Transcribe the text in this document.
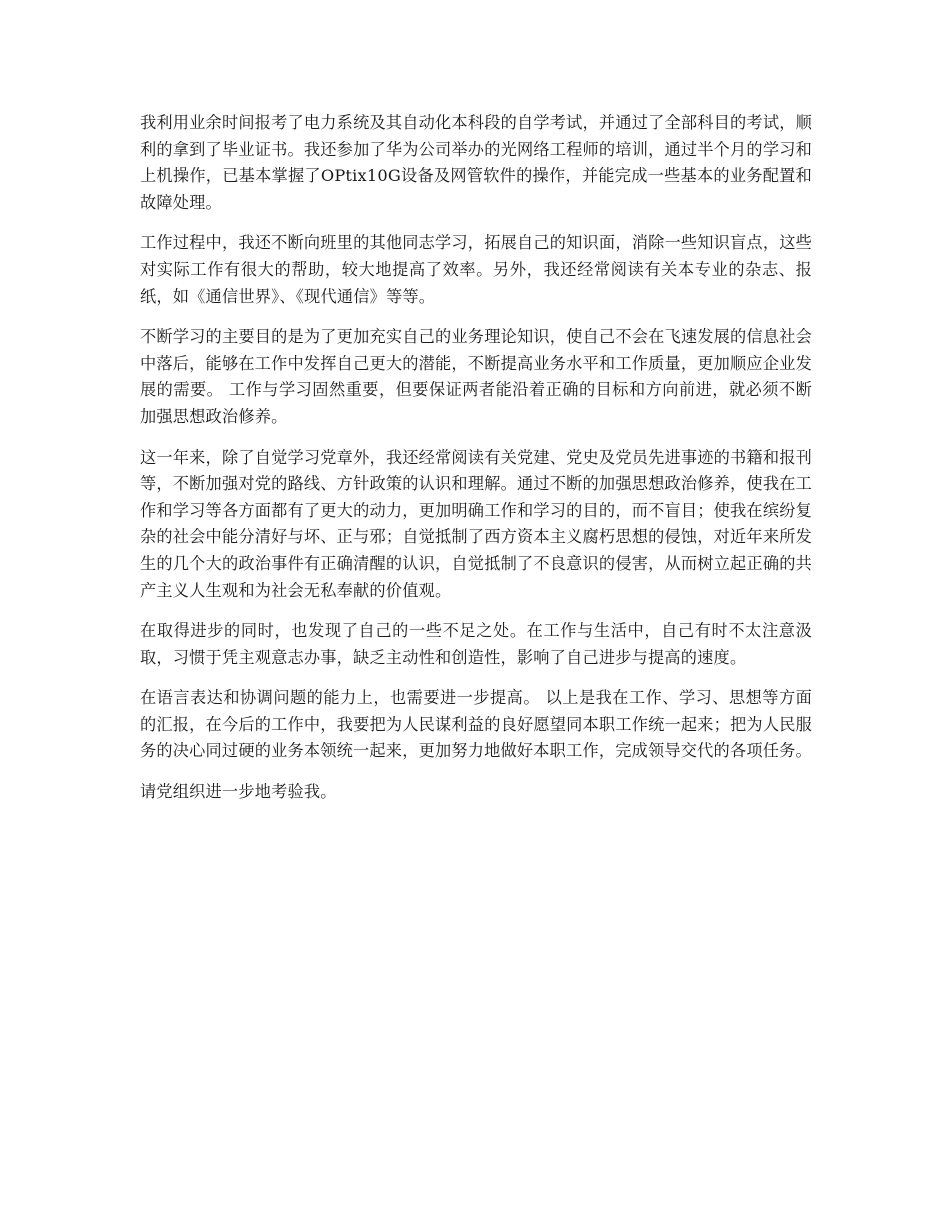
我利用业余时间报考了电力系统及其自动化本科段的自学考试，并通过了全部科目的考试，顺利的拿到了毕业证书。我还参加了华为公司举办的光网络工程师的培训，通过半个月的学习和上机操作，已基本掌握了OPtix10G设备及网管软件的操作，并能完成一些基本的业务配置和故障处理。

工作过程中，我还不断向班里的其他同志学习，拓展自己的知识面，消除一些知识盲点，这些对实际工作有很大的帮助，较大地提高了效率。另外，我还经常阅读有关本专业的杂志、报纸，如《通信世界》、《现代通信》等等。

不断学习的主要目的是为了更加充实自己的业务理论知识，使自己不会在飞速发展的信息社会中落后，能够在工作中发挥自己更大的潜能，不断提高业务水平和工作质量，更加顺应企业发展的需要。 工作与学习固然重要，但要保证两者能沿着正确的目标和方向前进，就必须不断加强思想政治修养。

这一年来，除了自觉学习党章外，我还经常阅读有关党建、党史及党员先进事迹的书籍和报刊等，不断加强对党的路线、方针政策的认识和理解。通过不断的加强思想政治修养，使我在工作和学习等各方面都有了更大的动力，更加明确工作和学习的目的，而不盲目；使我在缤纷复杂的社会中能分清好与坏、正与邪；自觉抵制了西方资本主义腐朽思想的侵蚀，对近年来所发生的几个大的政治事件有正确清醒的认识，自觉抵制了不良意识的侵害，从而树立起正确的共产主义人生观和为社会无私奉献的价值观。

在取得进步的同时，也发现了自己的一些不足之处。在工作与生活中，自己有时不太注意汲取，习惯于凭主观意志办事，缺乏主动性和创造性，影响了自己进步与提高的速度。

在语言表达和协调问题的能力上，也需要进一步提高。 以上是我在工作、学习、思想等方面的汇报，在今后的工作中，我要把为人民谋利益的良好愿望同本职工作统一起来；把为人民服务的决心同过硬的业务本领统一起来，更加努力地做好本职工作，完成领导交代的各项任务。

请党组织进一步地考验我。
